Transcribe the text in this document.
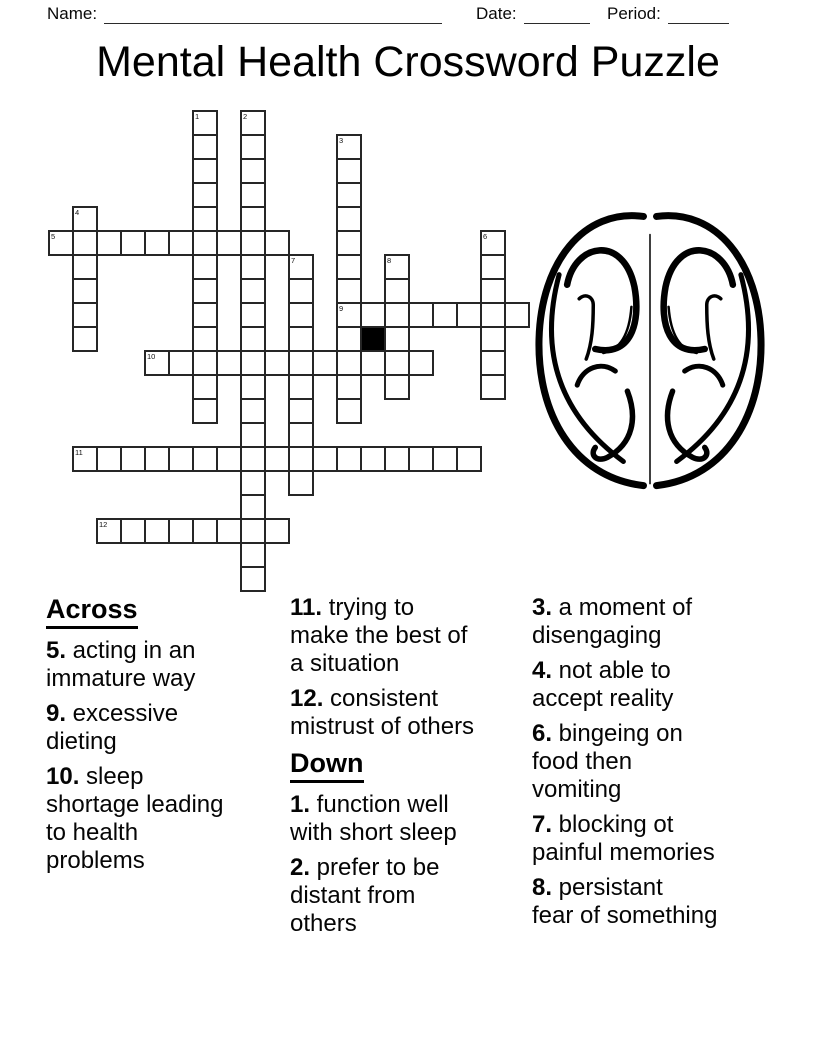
Name:	Date:	Period:
Mental Health Crossword Puzzle
5
9
10
11
12
1	2
3
4
6
7	8
Across
5. acting in an
immature way
9. excessive
dieting
10. sleep
shortage leading
to health
problems
11. trying to
make the best of
a situation
12. consistent
mistrust of others
Down
1. function well
with short sleep
2. prefer to be
distant from
others
3. a moment of
disengaging
4. not able to
accept reality
6. bingeing on
food then
vomiting
7. blocking ot
painful memories
8. persistant
fear of something
